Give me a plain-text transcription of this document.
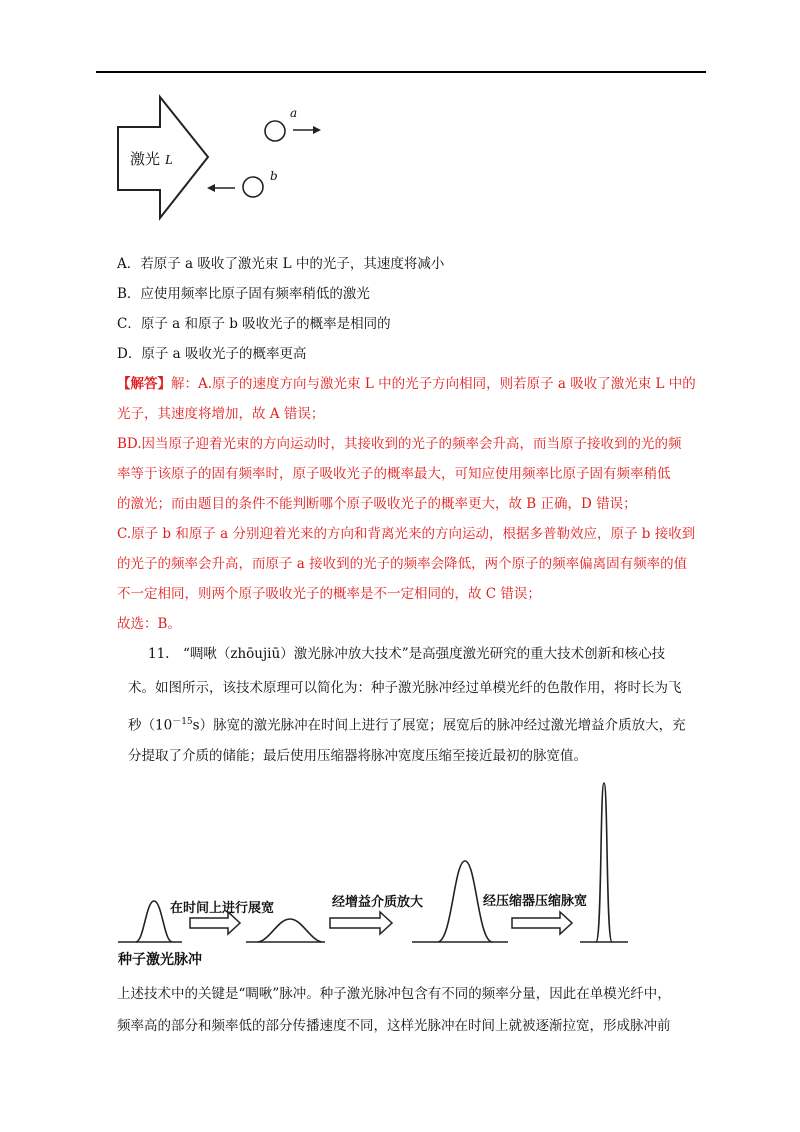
激光 L
a
b
A．若原子 a 吸收了激光束 L 中的光子，其速度将减小
B．应使用频率比原子固有频率稍低的激光
C．原子 a 和原子 b 吸收光子的概率是相同的
D．原子 a 吸收光子的概率更高
【解答】解：A.原子的速度方向与激光束 L 中的光子方向相同，则若原子 a 吸收了激光束 L 中的
光子，其速度将增加，故 A 错误；
BD.因当原子迎着光束的方向运动时，其接收到的光子的频率会升高，而当原子接收到的光的频
率等于该原子的固有频率时，原子吸收光子的概率最大，可知应使用频率比原子固有频率稍低
的激光；而由题目的条件不能判断哪个原子吸收光子的概率更大，故 B 正确，D 错误；
C.原子 b 和原子 a 分别迎着光来的方向和背离光来的方向运动，根据多普勒效应，原子 b 接收到
的光子的频率会升高，而原子 a 接收到的光子的频率会降低，两个原子的频率偏离固有频率的值
不一定相同，则两个原子吸收光子的概率是不一定相同的，故 C 错误；
故选：B。
11.　“啁啾（zhōujiū）激光脉冲放大技术”是高强度激光研究的重大技术创新和核心技
术。如图所示，该技术原理可以简化为：种子激光脉冲经过单模光纤的色散作用，将时长为飞
秒$(10^{-15}s)$脉宽的激光脉冲在时间上进行了展宽；展宽后的脉冲经过激光增益介质放大，充
分提取了介质的储能；最后使用压缩器将脉冲宽度压缩至接近最初的脉宽值。
种子激光脉冲
在时间上进行展宽	经增益介质放大	经压缩器压缩脉宽
上述技术中的关键是“啁啾”脉冲。种子激光脉冲包含有不同的频率分量，因此在单模光纤中，
频率高的部分和频率低的部分传播速度不同，这样光脉冲在时间上就被逐渐拉宽，形成脉冲前
